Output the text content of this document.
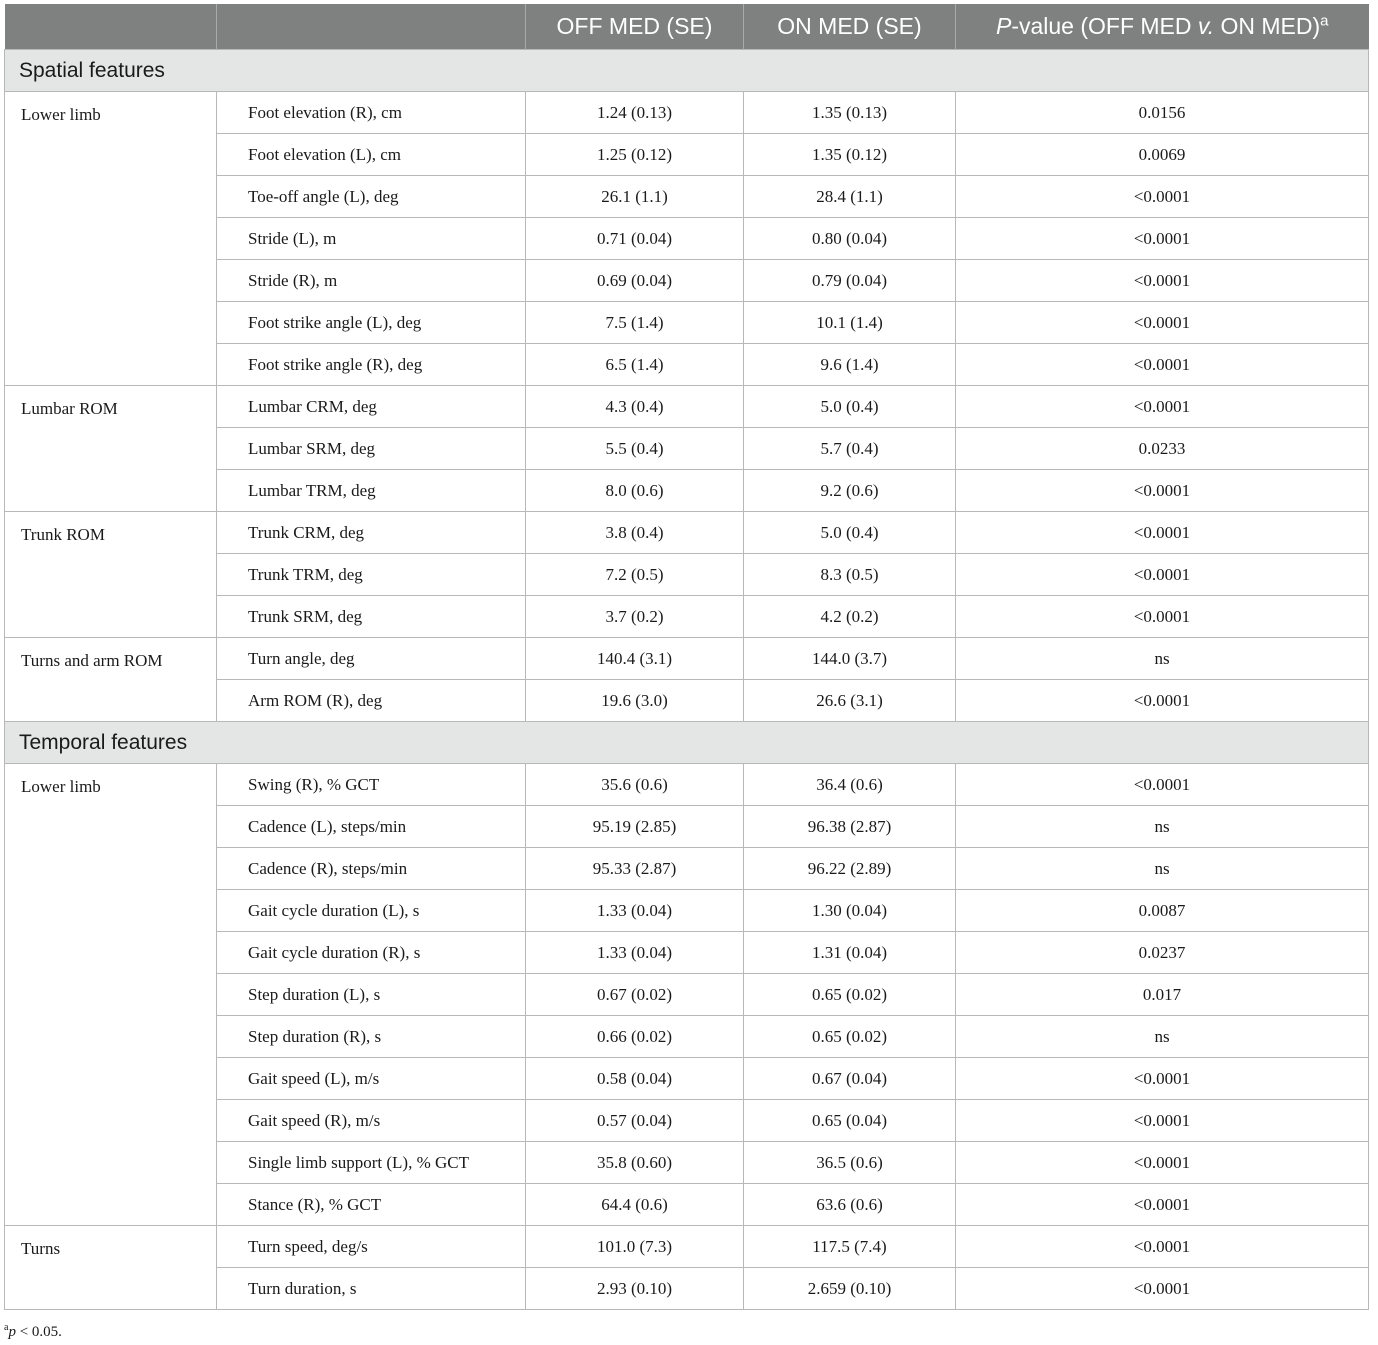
		OFF MED (SE)	ON MED (SE)	P-value (OFF MED v. ON MED)$^a$
Spatial features				
Lower limb	Foot elevation (R), cm	1.24 (0.13)	1.35 (0.13)	0.0156
	Foot elevation (L), cm	1.25 (0.12)	1.35 (0.12)	0.0069
	Toe-off angle (L), deg	26.1 (1.1)	28.4 (1.1)	<0.0001
	Stride (L), m	0.71 (0.04)	0.80 (0.04)	<0.0001
	Stride (R), m	0.69 (0.04)	0.79 (0.04)	<0.0001
	Foot strike angle (L), deg	7.5 (1.4)	10.1 (1.4)	<0.0001
	Foot strike angle (R), deg	6.5 (1.4)	9.6 (1.4)	<0.0001
Lumbar ROM	Lumbar CRM, deg	4.3 (0.4)	5.0 (0.4)	<0.0001
	Lumbar SRM, deg	5.5 (0.4)	5.7 (0.4)	0.0233
	Lumbar TRM, deg	8.0 (0.6)	9.2 (0.6)	<0.0001
Trunk ROM	Trunk CRM, deg	3.8 (0.4)	5.0 (0.4)	<0.0001
	Trunk TRM, deg	7.2 (0.5)	8.3 (0.5)	<0.0001
	Trunk SRM, deg	3.7 (0.2)	4.2 (0.2)	<0.0001
Turns and arm ROM	Turn angle, deg	140.4 (3.1)	144.0 (3.7)	ns
	Arm ROM (R), deg	19.6 (3.0)	26.6 (3.1)	<0.0001
Temporal features				
Lower limb	Swing (R), % GCT	35.6 (0.6)	36.4 (0.6)	<0.0001
	Cadence (L), steps/min	95.19 (2.85)	96.38 (2.87)	ns
	Cadence (R), steps/min	95.33 (2.87)	96.22 (2.89)	ns
	Gait cycle duration (L), s	1.33 (0.04)	1.30 (0.04)	0.0087
	Gait cycle duration (R), s	1.33 (0.04)	1.31 (0.04)	0.0237
	Step duration (L), s	0.67 (0.02)	0.65 (0.02)	0.017
	Step duration (R), s	0.66 (0.02)	0.65 (0.02)	ns
	Gait speed (L), m/s	0.58 (0.04)	0.67 (0.04)	<0.0001
	Gait speed (R), m/s	0.57 (0.04)	0.65 (0.04)	<0.0001
	Single limb support (L), % GCT	35.8 (0.60)	36.5 (0.6)	<0.0001
	Stance (R), % GCT	64.4 (0.6)	63.6 (0.6)	<0.0001
Turns	Turn speed, deg/s	101.0 (7.3)	117.5 (7.4)	<0.0001
	Turn duration, s	2.93 (0.10)	2.659 (0.10)	<0.0001
$^a$p < 0.05.
